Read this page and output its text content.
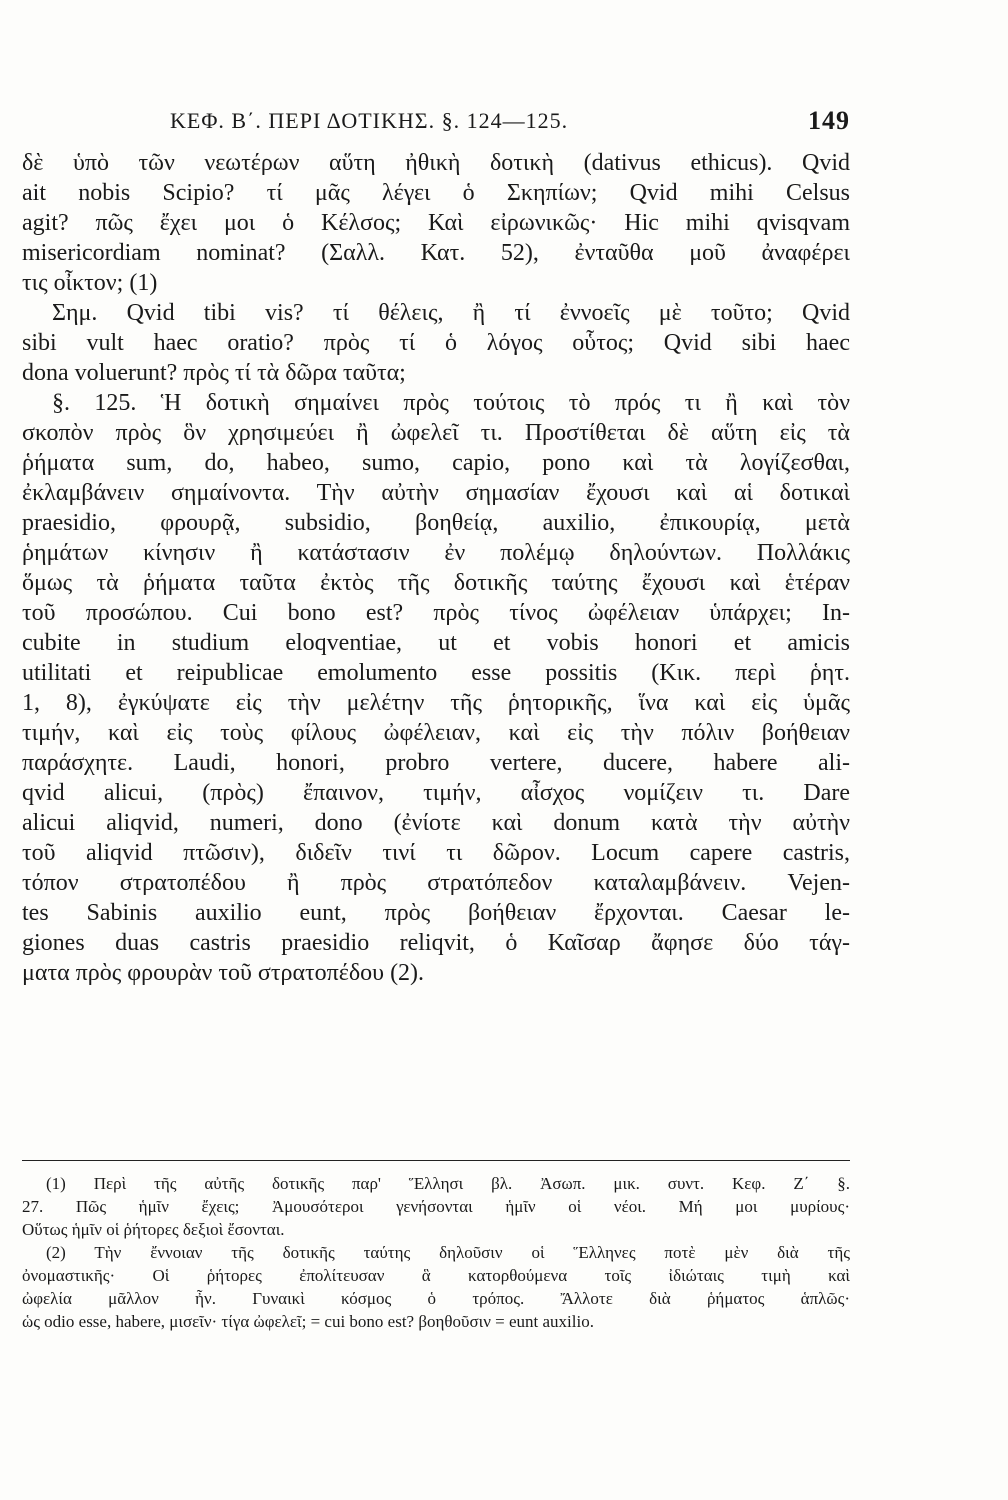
ΚΕΦ. Β΄. ΠΕΡΙ ΔΟΤΙΚΗΣ. §. 124—125.	149
δὲ ὑπὸ τῶν νεωτέρων αὕτη ἠθικὴ δοτικὴ (dativus ethicus). Qvid
ait nobis Scipio? τί μᾶς λέγει ὁ Σκηπίων; Qvid mihi Celsus
agit? πῶς ἔχει μοι ὁ Κέλσος; Καὶ εἰρωνικῶς· Hic mihi qvisqvam
misericordiam nominat? (Σαλλ. Κατ. 52), ἐνταῦθα μοῦ ἀναφέρει
τις οἶκτον; (1)
Σημ. Qvid tibi vis? τί θέλεις, ἢ τί ἐννοεῖς μὲ τοῦτο; Qvid
sibi vult haec oratio? πρὸς τί ὁ λόγος οὗτος; Qvid sibi haec
dona voluerunt? πρὸς τί τὰ δῶρα ταῦτα;
§. 125. Ἡ δοτικὴ σημαίνει πρὸς τούτοις τὸ πρός τι ἢ καὶ τὸν
σκοπὸν πρὸς ὃν χρησιμεύει ἢ ὠφελεῖ τι. Προστίθεται δὲ αὕτη εἰς τὰ
ῥήματα sum, do, habeo, sumo, capio, pono καὶ τὰ λογίζεσθαι,
ἐκλαμβάνειν σημαίνοντα. Τὴν αὐτὴν σημασίαν ἔχουσι καὶ αἱ δοτικαὶ
praesidio, φρουρᾷ, subsidio, βοηθείᾳ, auxilio, ἐπικουρίᾳ, μετὰ
ῥημάτων κίνησιν ἢ κατάστασιν ἐν πολέμῳ δηλούντων. Πολλάκις
ὅμως τὰ ῥήματα ταῦτα ἐκτὸς τῆς δοτικῆς ταύτης ἔχουσι καὶ ἑτέραν
τοῦ προσώπου. Cui bono est? πρὸς τίνος ὠφέλειαν ὑπάρχει; In-
cubite in studium eloqventiae, ut et vobis honori et amicis
utilitati et reipublicae emolumento esse possitis (Κικ. περὶ ῥητ.
1, 8), ἐγκύψατε εἰς τὴν μελέτην τῆς ῥητορικῆς, ἵνα καὶ εἰς ὑμᾶς
τιμήν, καὶ εἰς τοὺς φίλους ὠφέλειαν, καὶ εἰς τὴν πόλιν βοήθειαν
παράσχητε. Laudi, honori, probro vertere, ducere, habere ali-
qvid alicui, (πρὸς) ἔπαινον, τιμήν, αἶσχος νομίζειν τι. Dare
alicui aliqvid, numeri, dono (ἐνίοτε καὶ donum κατὰ τὴν αὐτὴν
τοῦ aliqvid πτῶσιν), διδεῖν τινί τι δῶρον. Locum capere castris,
τόπον στρατοπέδου ἢ πρὸς στρατόπεδον καταλαμβάνειν. Vejen-
tes Sabinis auxilio eunt, πρὸς βοήθειαν ἔρχονται. Caesar le-
giones duas castris praesidio reliqvit, ὁ Καῖσαρ ἄφησε δύο τάγ-
ματα πρὸς φρουρὰν τοῦ στρατοπέδου (2).
(1) Περὶ τῆς αὐτῆς δοτικῆς παρ' Ἕλλησι βλ. Ἀσωπ. μικ. συντ. Κεφ. Ζ΄ §.
27. Πῶς ἡμῖν ἔχεις; Ἀμουσότεροι γενήσονται ἡμῖν οἱ νέοι. Μή μοι μυρίους·
Οὕτως ἡμῖν οἱ ῥήτορες δεξιοὶ ἔσονται.
(2) Τὴν ἔννοιαν τῆς δοτικῆς ταύτης δηλοῦσιν οἱ Ἕλληνες ποτὲ μὲν διὰ τῆς
ὀνομαστικῆς· Οἱ ῥήτορες ἐπολίτευσαν ἃ κατορθούμενα τοῖς ἰδιώταις τιμὴ καὶ
ὠφελία μᾶλλον ἦν. Γυναικὶ κόσμος ὁ τρόπος. Ἄλλοτε διὰ ῥήματος ἁπλῶς·
ὡς odio esse, habere, μισεῖν· τίγα ὠφελεῖ; = cui bono est? βοηθοῦσιν = eunt auxilio.
